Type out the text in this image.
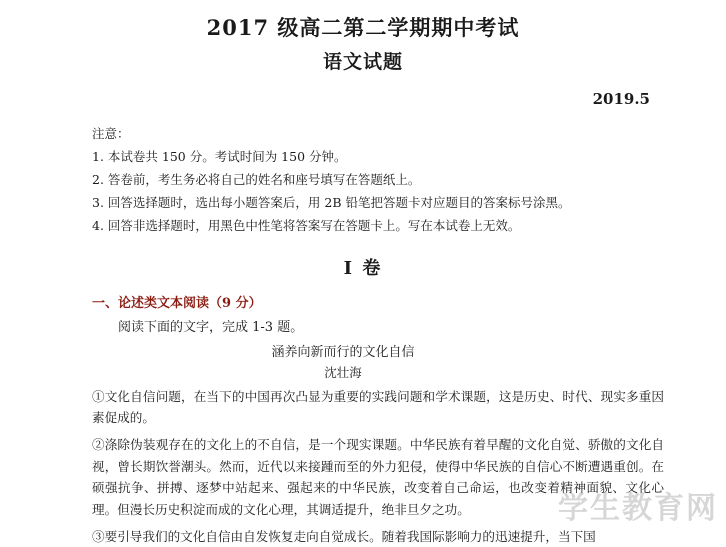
2017 级高二第二学期期中考试
语文试题
2019.5
注意：
1. 本试卷共 150 分。考试时间为 150 分钟。
2. 答卷前，考生务必将自己的姓名和座号填写在答题纸上。
3. 回答选择题时，选出每小题答案后，用 2B 铅笔把答题卡对应题目的答案标号涂黑。
4. 回答非选择题时，用黑色中性笔将答案写在答题卡上。写在本试卷上无效。
Ⅰ 卷
一、论述类文本阅读（9 分）
阅读下面的文字，完成 1-3 题。
涵养向新而行的文化自信
沈壮海
①文化自信问题，在当下的中国再次凸显为重要的实践问题和学术课题，这是历史、时代、现实多重因素促成的。
②涤除伪装观存在的文化上的不自信，是一个现实课题。中华民族有着早醒的文化自觉、骄傲的文化自视，曾长期饮誉潮头。然而，近代以来接踵而至的外力犯侵，使得中华民族的自信心不断遭遇重创。在硕强抗争、拼搏、逐梦中站起来、强起来的中华民族，改变着自己命运，也改变着精神面貌、文化心理。但漫长历史积淀而成的文化心理，其调适提升，绝非旦夕之功。
③要引导我们的文化自信由自发恢复走向自觉成长。随着我国际影响力的迅速提升，当下国
学生教育网
